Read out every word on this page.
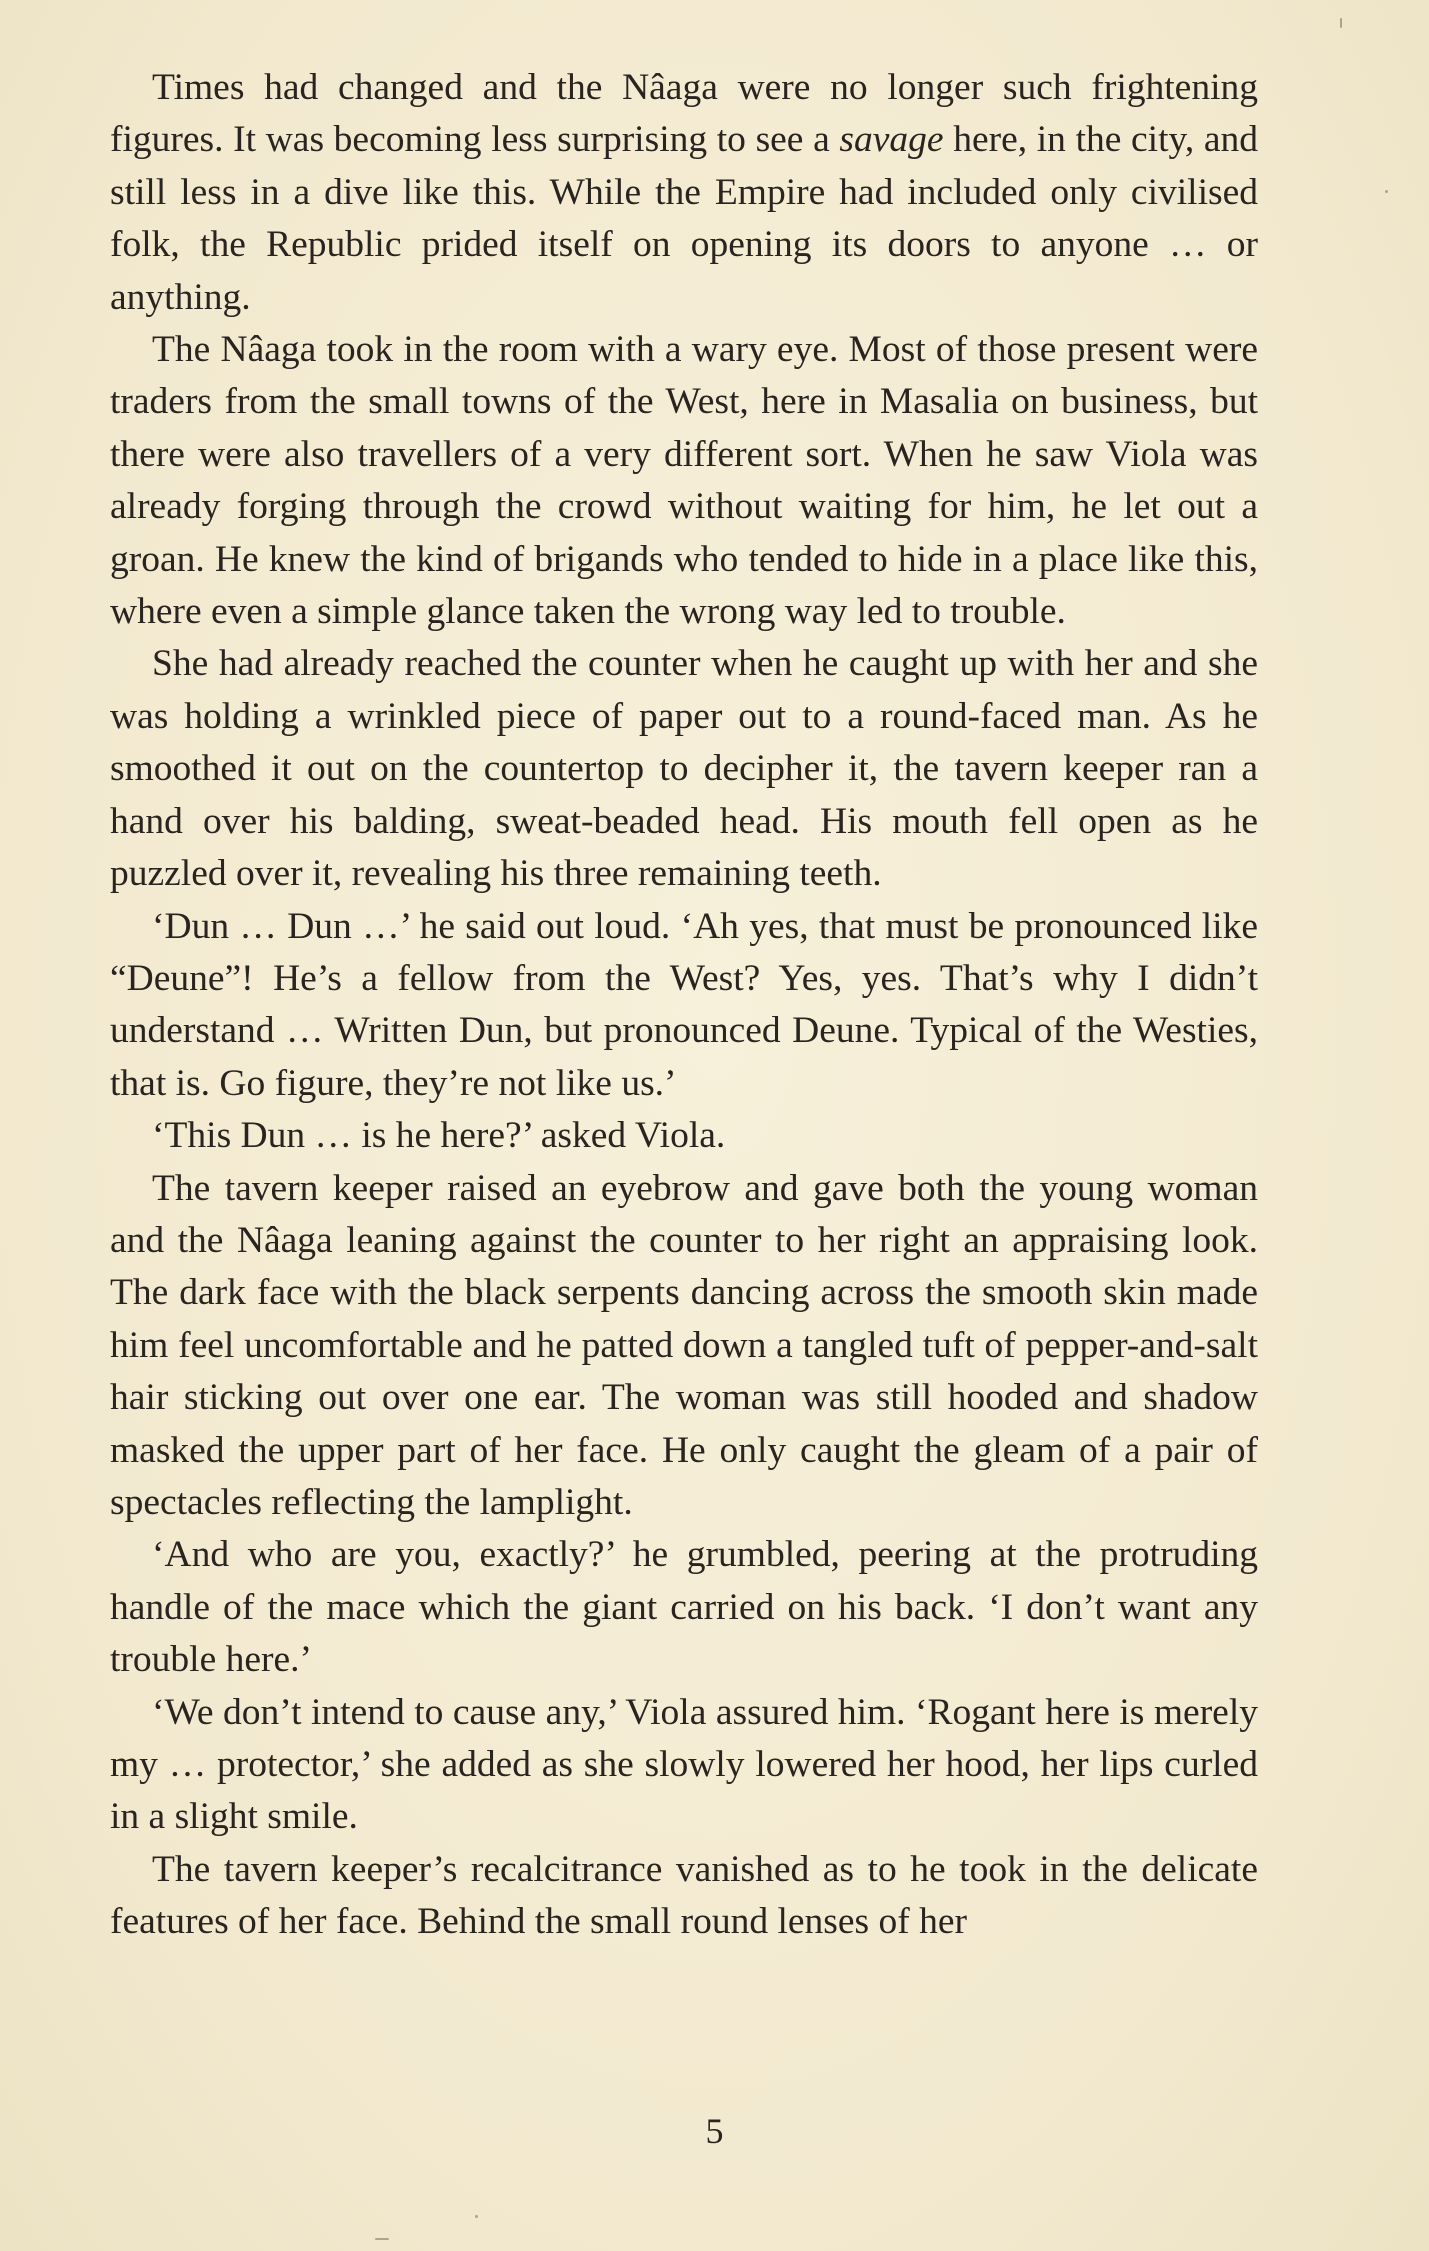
Times had changed and the Nâaga were no longer such frightening figures. It was becoming less surprising to see a savage here, in the city, and still less in a dive like this. While the Empire had included only civilised folk, the Republic prided itself on opening its doors to anyone … or anything.

The Nâaga took in the room with a wary eye. Most of those present were traders from the small towns of the West, here in Masalia on business, but there were also travellers of a very different sort. When he saw Viola was already forging through the crowd without waiting for him, he let out a groan. He knew the kind of brigands who tended to hide in a place like this, where even a simple glance taken the wrong way led to trouble.

She had already reached the counter when he caught up with her and she was holding a wrinkled piece of paper out to a round-faced man. As he smoothed it out on the countertop to decipher it, the tavern keeper ran a hand over his balding, sweat-beaded head. His mouth fell open as he puzzled over it, revealing his three remaining teeth.

‘Dun … Dun …’ he said out loud. ‘Ah yes, that must be pronounced like “Deune”! He’s a fellow from the West? Yes, yes. That’s why I didn’t understand … Written Dun, but pronounced Deune. Typical of the Westies, that is. Go figure, they’re not like us.’

‘This Dun … is he here?’ asked Viola.

The tavern keeper raised an eyebrow and gave both the young woman and the Nâaga leaning against the counter to her right an appraising look. The dark face with the black serpents dancing across the smooth skin made him feel uncomfortable and he patted down a tangled tuft of pepper-and-salt hair sticking out over one ear. The woman was still hooded and shadow masked the upper part of her face. He only caught the gleam of a pair of spectacles reflecting the lamplight.

‘And who are you, exactly?’ he grumbled, peering at the protruding handle of the mace which the giant carried on his back. ‘I don’t want any trouble here.’

‘We don’t intend to cause any,’ Viola assured him. ‘Rogant here is merely my … protector,’ she added as she slowly lowered her hood, her lips curled in a slight smile.

The tavern keeper’s recalcitrance vanished as to he took in the delicate features of her face. Behind the small round lenses of her

5
